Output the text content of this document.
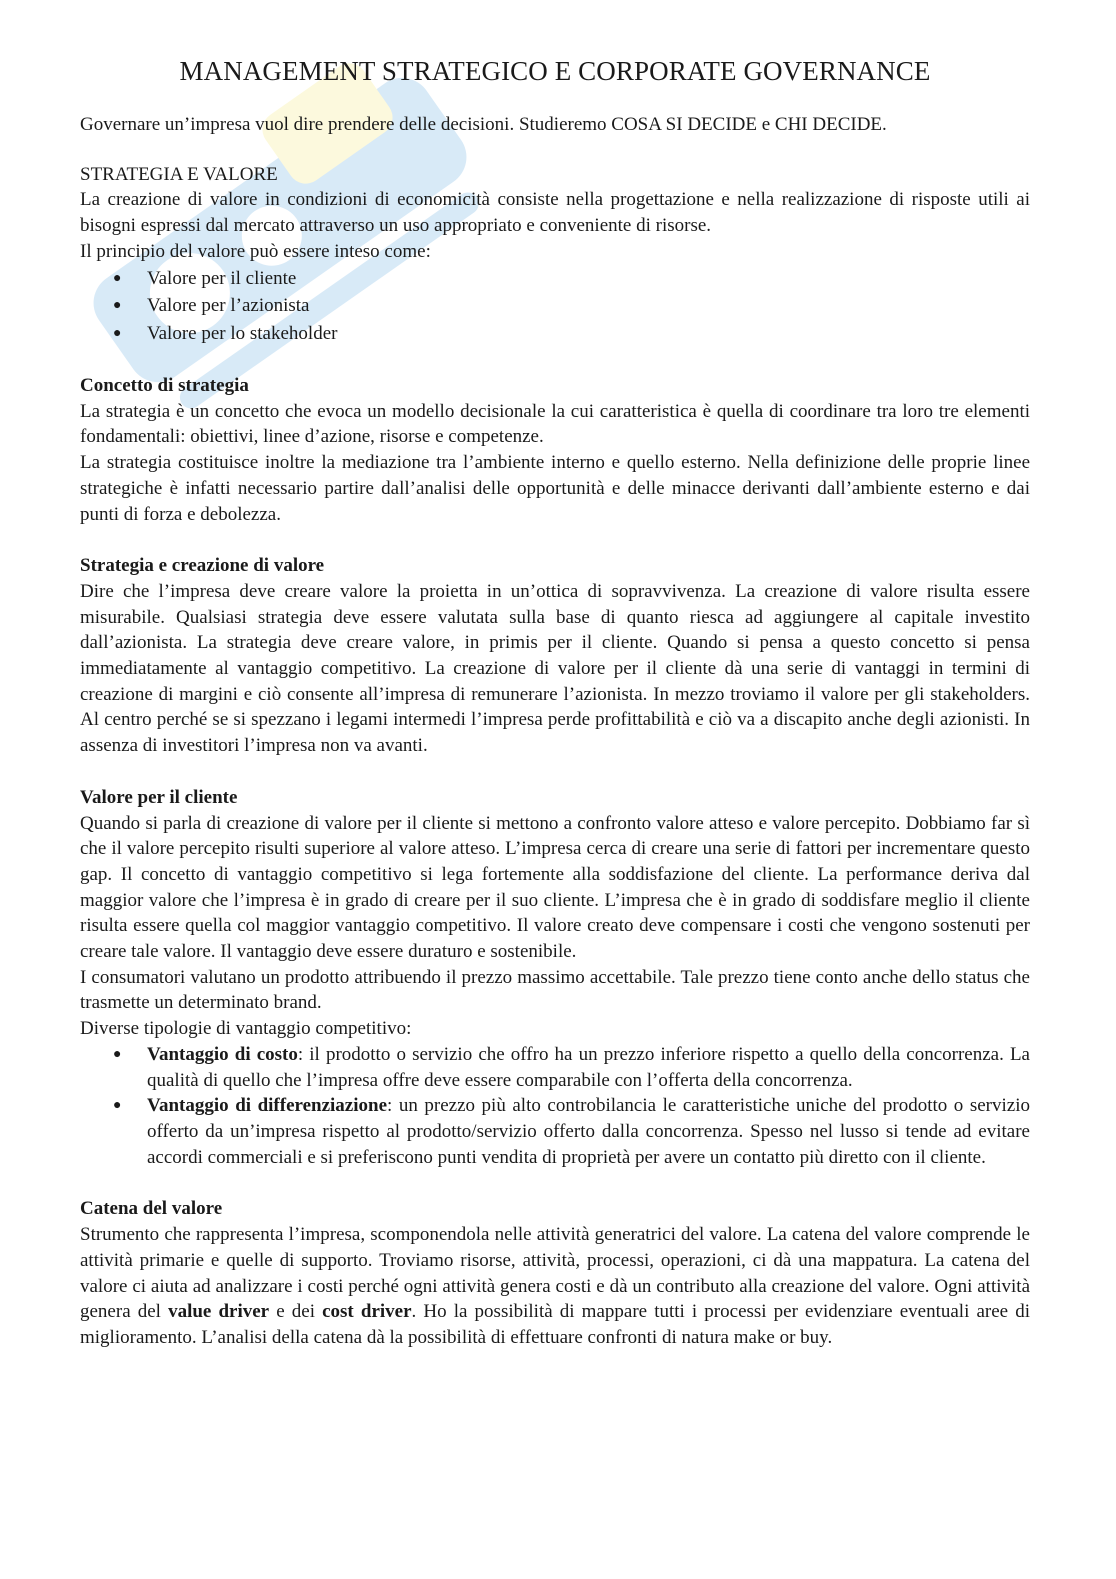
MANAGEMENT STRATEGICO E CORPORATE GOVERNANCE

Governare un’impresa vuol dire prendere delle decisioni. Studieremo COSA SI DECIDE e CHI DECIDE.

STRATEGIA E VALORE

La creazione di valore in condizioni di economicità consiste nella progettazione e nella realizzazione di risposte utili ai bisogni espressi dal mercato attraverso un uso appropriato e conveniente di risorse.

Il principio del valore può essere inteso come:

● Valore per il cliente
● Valore per l’azionista
● Valore per lo stakeholder

Concetto di strategia

La strategia è un concetto che evoca un modello decisionale la cui caratteristica è quella di coordinare tra loro tre elementi fondamentali: obiettivi, linee d’azione, risorse e competenze.

La strategia costituisce inoltre la mediazione tra l’ambiente interno e quello esterno. Nella definizione delle proprie linee strategiche è infatti necessario partire dall’analisi delle opportunità e delle minacce derivanti dall’ambiente esterno e dai punti di forza e debolezza.

Strategia e creazione di valore

Dire che l’impresa deve creare valore la proietta in un’ottica di sopravvivenza. La creazione di valore risulta essere misurabile. Qualsiasi strategia deve essere valutata sulla base di quanto riesca ad aggiungere al capitale investito dall’azionista. La strategia deve creare valore, in primis per il cliente. Quando si pensa a questo concetto si pensa immediatamente al vantaggio competitivo. La creazione di valore per il cliente dà una serie di vantaggi in termini di creazione di margini e ciò consente all’impresa di remunerare l’azionista. In mezzo troviamo il valore per gli stakeholders. Al centro perché se si spezzano i legami intermedi l’impresa perde profittabilità e ciò va a discapito anche degli azionisti. In assenza di investitori l’impresa non va avanti.

Valore per il cliente

Quando si parla di creazione di valore per il cliente si mettono a confronto valore atteso e valore percepito. Dobbiamo far sì che il valore percepito risulti superiore al valore atteso. L’impresa cerca di creare una serie di fattori per incrementare questo gap. Il concetto di vantaggio competitivo si lega fortemente alla soddisfazione del cliente. La performance deriva dal maggior valore che l’impresa è in grado di creare per il suo cliente. L’impresa che è in grado di soddisfare meglio il cliente risulta essere quella col maggior vantaggio competitivo. Il valore creato deve compensare i costi che vengono sostenuti per creare tale valore. Il vantaggio deve essere duraturo e sostenibile.

I consumatori valutano un prodotto attribuendo il prezzo massimo accettabile. Tale prezzo tiene conto anche dello status che trasmette un determinato brand.

Diverse tipologie di vantaggio competitivo:

● Vantaggio di costo: il prodotto o servizio che offro ha un prezzo inferiore rispetto a quello della concorrenza. La qualità di quello che l’impresa offre deve essere comparabile con l’offerta della concorrenza.
● Vantaggio di differenziazione: un prezzo più alto controbilancia le caratteristiche uniche del prodotto o servizio offerto da un’impresa rispetto al prodotto/servizio offerto dalla concorrenza. Spesso nel lusso si tende ad evitare accordi commerciali e si preferiscono punti vendita di proprietà per avere un contatto più diretto con il cliente.

Catena del valore

Strumento che rappresenta l’impresa, scomponendola nelle attività generatrici del valore. La catena del valore comprende le attività primarie e quelle di supporto. Troviamo risorse, attività, processi, operazioni, ci dà una mappatura. La catena del valore ci aiuta ad analizzare i costi perché ogni attività genera costi e dà un contributo alla creazione del valore. Ogni attività genera del value driver e dei cost driver. Ho la possibilità di mappare tutti i processi per evidenziare eventuali aree di miglioramento. L’analisi della catena dà la possibilità di effettuare confronti di natura make or buy.
